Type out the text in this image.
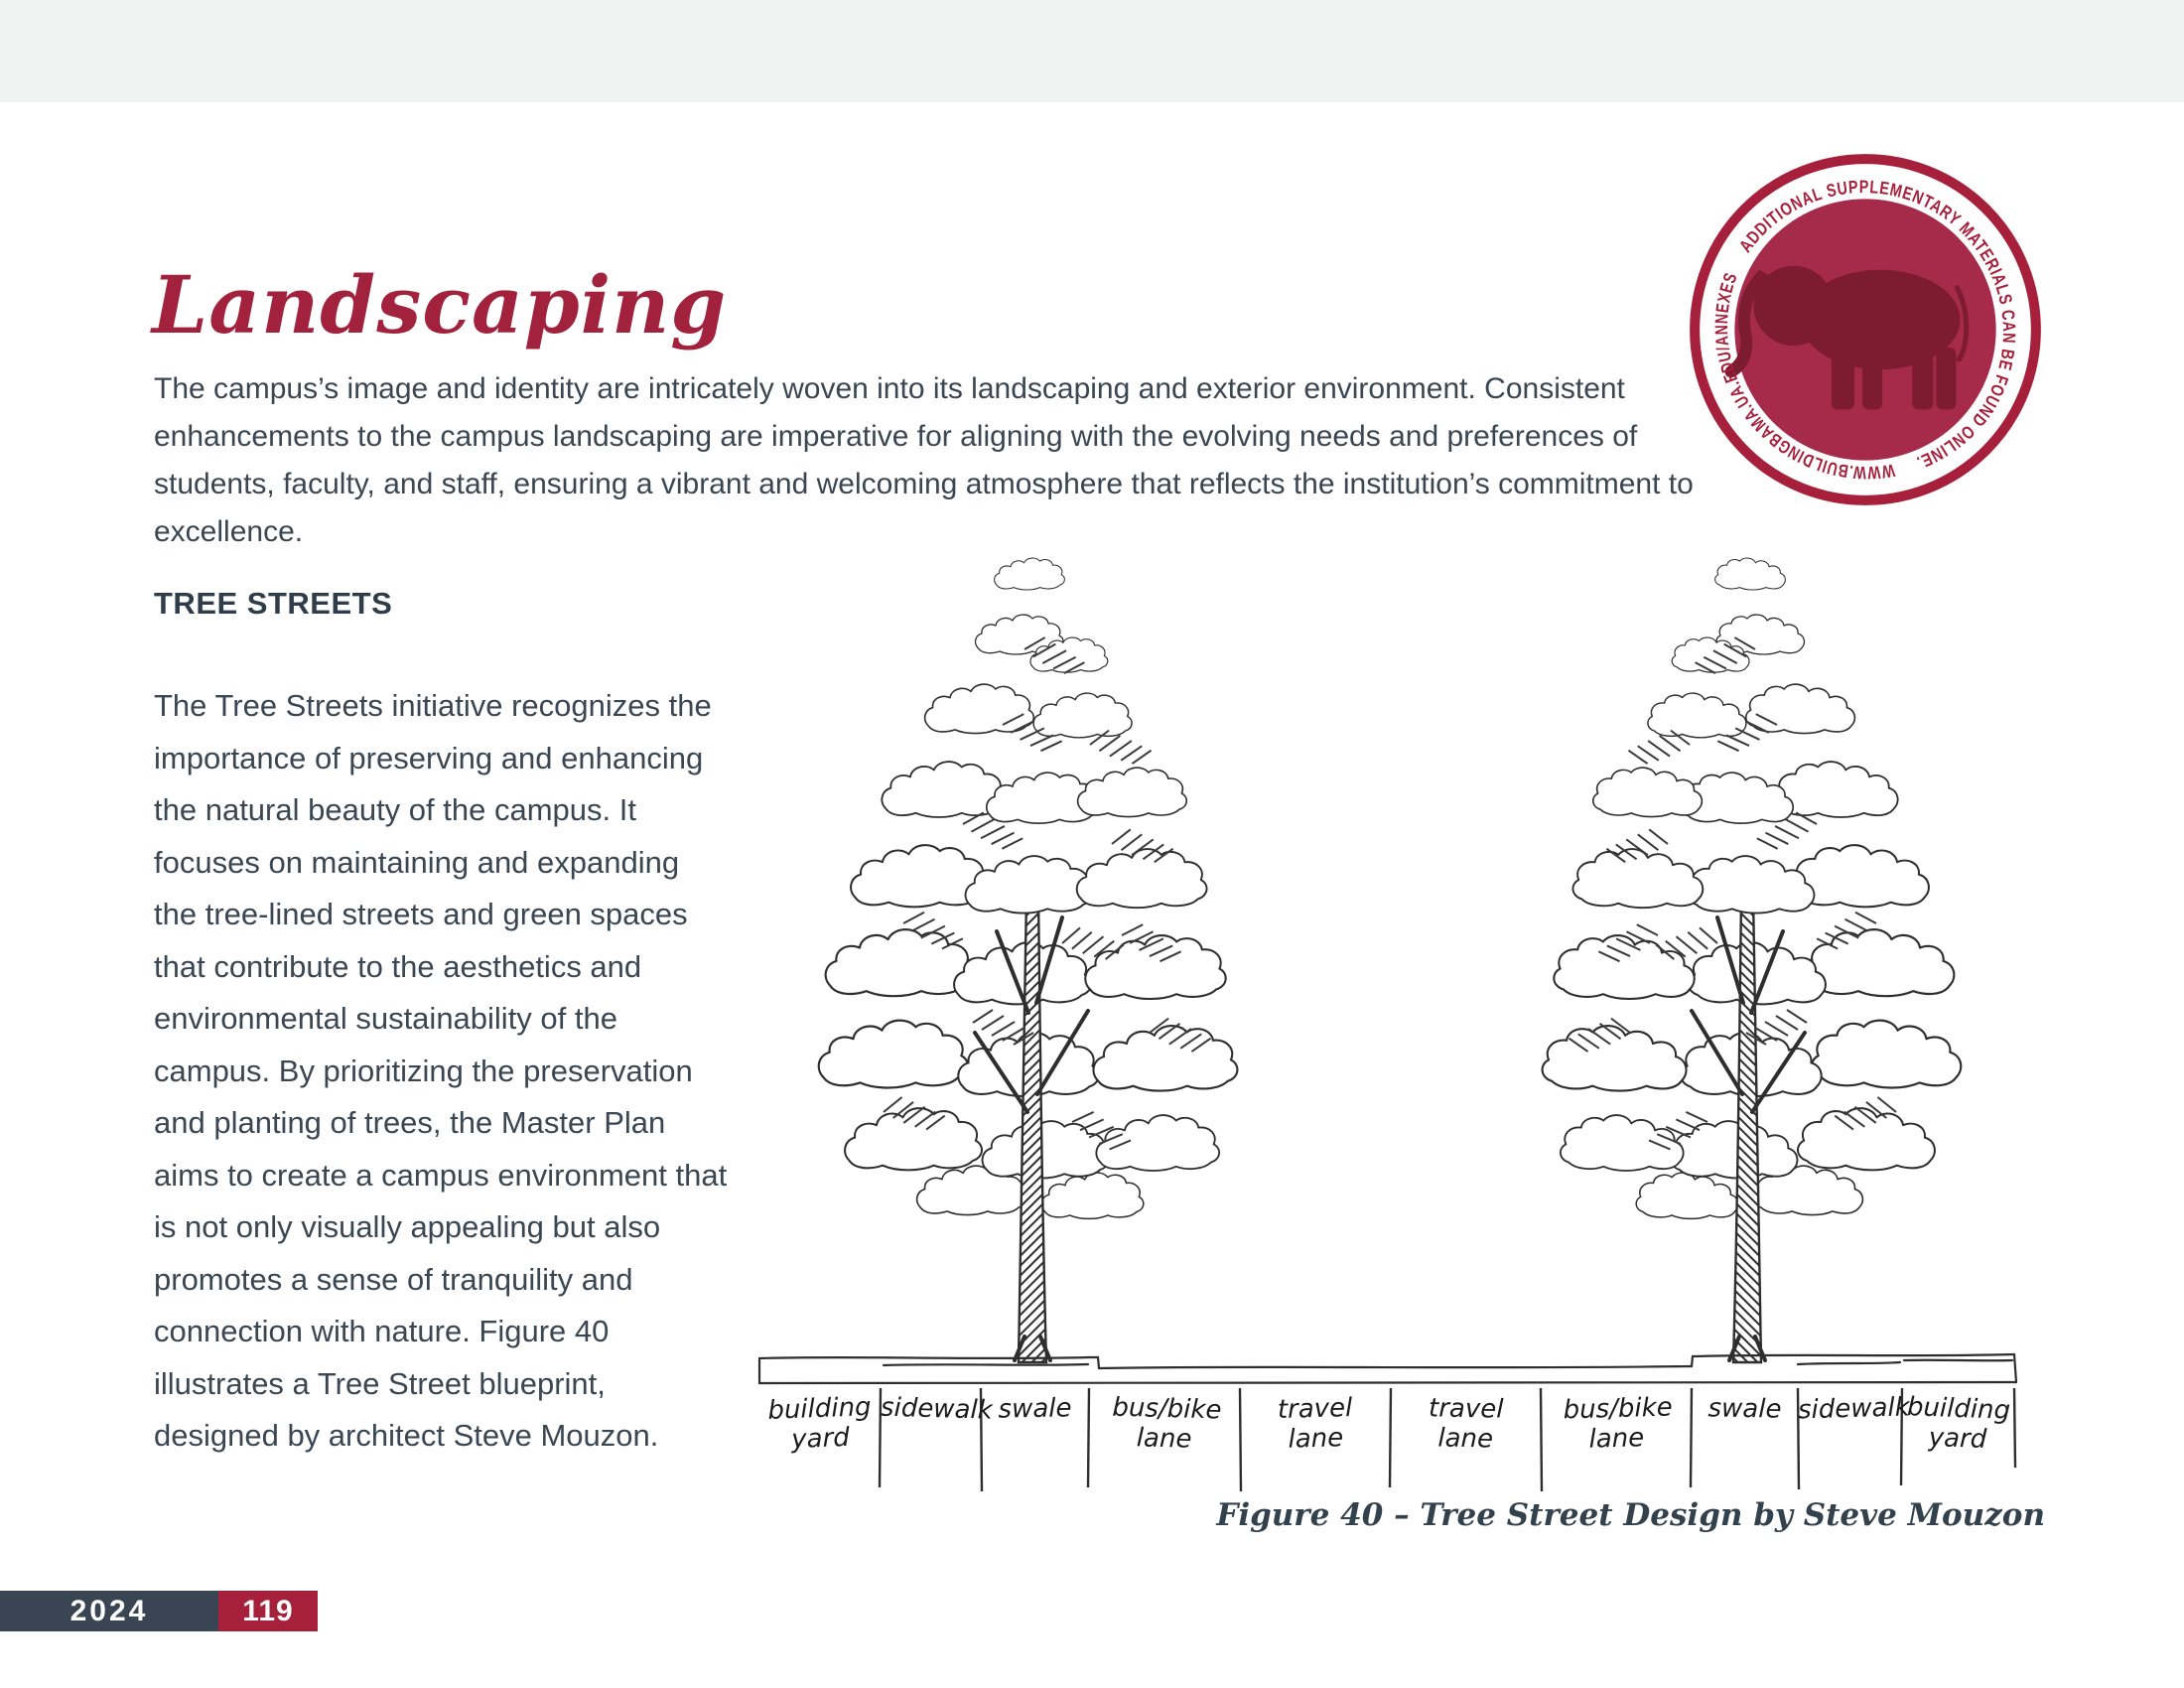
Landscaping

The campus’s image and identity are intricately woven into its landscaping and exterior environment. Consistent enhancements to the campus landscaping are imperative for aligning with the evolving needs and preferences of students, faculty, and staff, ensuring a vibrant and welcoming atmosphere that reflects the institution’s commitment to excellence.

TREE STREETS

The Tree Streets initiative recognizes the importance of preserving and enhancing the natural beauty of the campus. It focuses on maintaining and expanding the tree-lined streets and green spaces that contribute to the aesthetics and environmental sustainability of the campus. By prioritizing the preservation and planting of trees, the Master Plan aims to create a campus environment that is not only visually appealing but also promotes a sense of tranquility and connection with nature. Figure 40 illustrates a Tree Street blueprint, designed by architect Steve Mouzon.

ADDITIONAL SUPPLEMENTARY MATERIALS CAN BE FOUND ONLINE.
WWW.BUILDINGBAMA.UA.EDU/ANNEXES
building yard
sidewalk swale	bus/bike lane
travel lane
travel lane
bus/bike lane
swale sidewalk
building yard
Figure 40 – Tree Street Design by Steve Mouzon
2024	119
